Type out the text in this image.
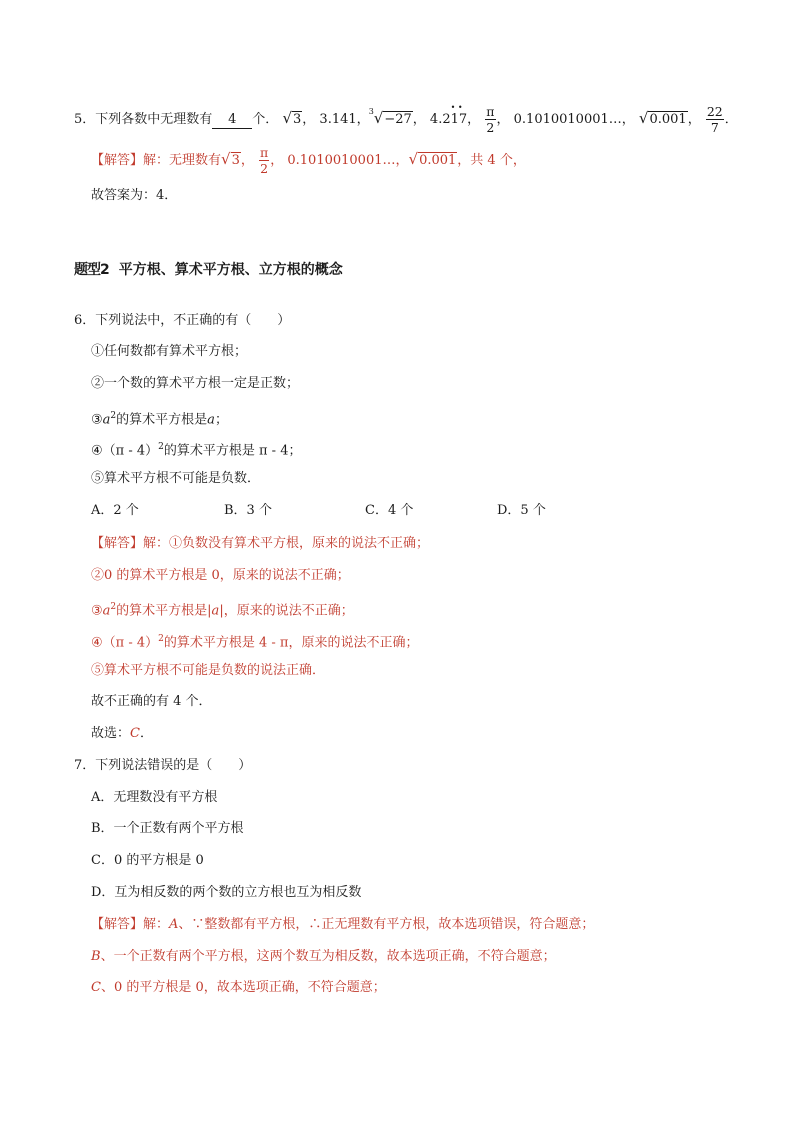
5．下列各数中无理数有 4 个． √3， 3.141，
3 √−27， 4.2• • 17， $\frac{\pi}{2}$ ， 0.1010010001…， √0.001， $\frac{22}{7}$ ．
【解答】解：无理数有√3， $\frac{\pi}{2}$ ， 0.1010010001…，√0.001，共 4 个，
故答案为：4．
题型2 平方根、算术平方根、立方根的概念
6．下列说法中，不正确的有（　　）
①任何数都有算术平方根；
②一个数的算术平方根一定是正数；
$③a^2$的算术平方根是a；
④（π - 4）$^2$的算术平方根是 π - 4；
⑤算术平方根不可能是负数．
A．2 个	B．3 个	C．4 个	D．5 个
【解答】解：①负数没有算术平方根，原来的说法不正确；
②0 的算术平方根是 0，原来的说法不正确；
$③a^2$的算术平方根是|a|，原来的说法不正确；
④（π - 4）$^2$的算术平方根是 4 - π，原来的说法不正确；
⑤算术平方根不可能是负数的说法正确．
故不正确的有 4 个．
故选：C．
7．下列说法错误的是（　　）
A．无理数没有平方根
B．一个正数有两个平方根
C．0 的平方根是 0
D．互为相反数的两个数的立方根也互为相反数
【解答】解：A、∵整数都有平方根，∴正无理数有平方根，故本选项错误，符合题意；
B、一个正数有两个平方根，这两个数互为相反数，故本选项正确，不符合题意；
C、0 的平方根是 0，故本选项正确，不符合题意；
